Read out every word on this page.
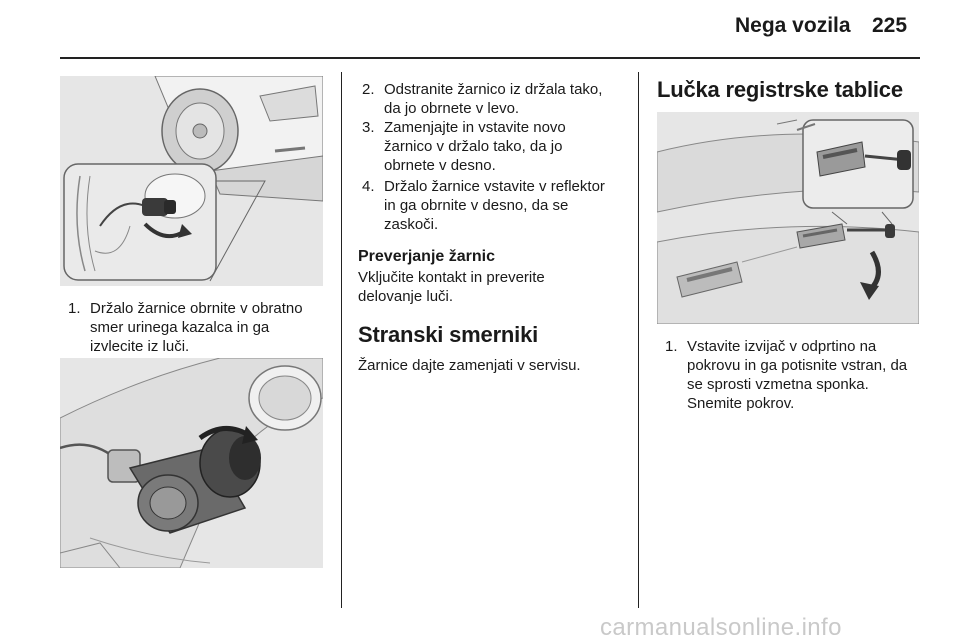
Nega vozila 225
1. Držalo žarnice obrnite v obratno
smer urinega kazalca in ga
izvlecite iz luči.
2. Odstranite žarnico iz držala tako,
da jo obrnete v levo.
3. Zamenjajte in vstavite novo
žarnico v držalo tako, da jo
obrnete v desno.
4. Držalo žarnice vstavite v reflektor
in ga obrnite v desno, da se
zaskoči.
Preverjanje žarnic
Vključite kontakt in preverite
delovanje luči.
Stranski smerniki
Žarnice dajte zamenjati v servisu.
Lučka registrske tablice
1. Vstavite izvijač v odprtino na
pokrovu in ga potisnite vstran, da
se sprosti vzmetna sponka.
Snemite pokrov.
carmanualsonline.info
